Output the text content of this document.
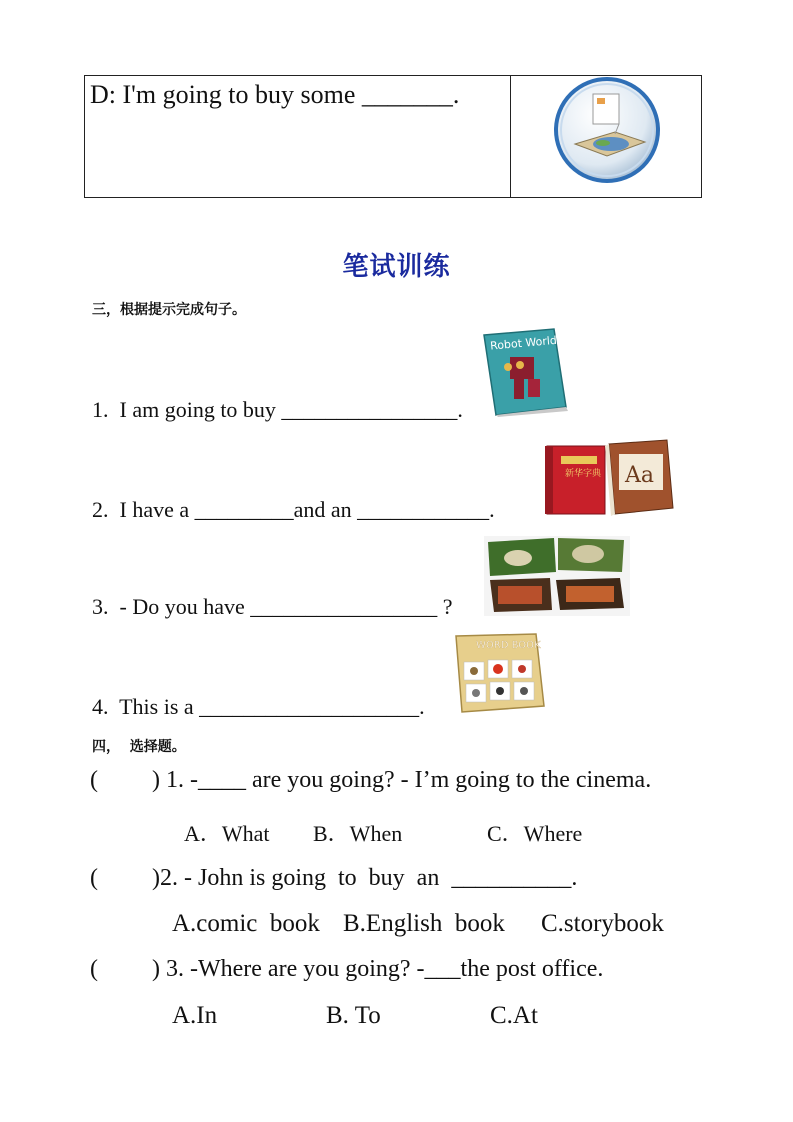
D: I'm going to buy some _______.
笔试训练
三，根据提示完成句子。
Robot World
1.  I am going to buy ________________.
新华字典 Aa
2.  I have a _________and an ____________.
3.  - Do you have _________________ ?
WORD BOOK
4.  This is a ____________________.
四，  选择题。
(         ) 1. -____ are you going? - I’m going to the cinema.
A．What B．When	C．Where
(         )2. - John is going  to  buy  an  __________.
A.comic  book B.English  book C.storybook
(         ) 3. -Where are you going? -___the post office.
A.In	B. To	C.At
